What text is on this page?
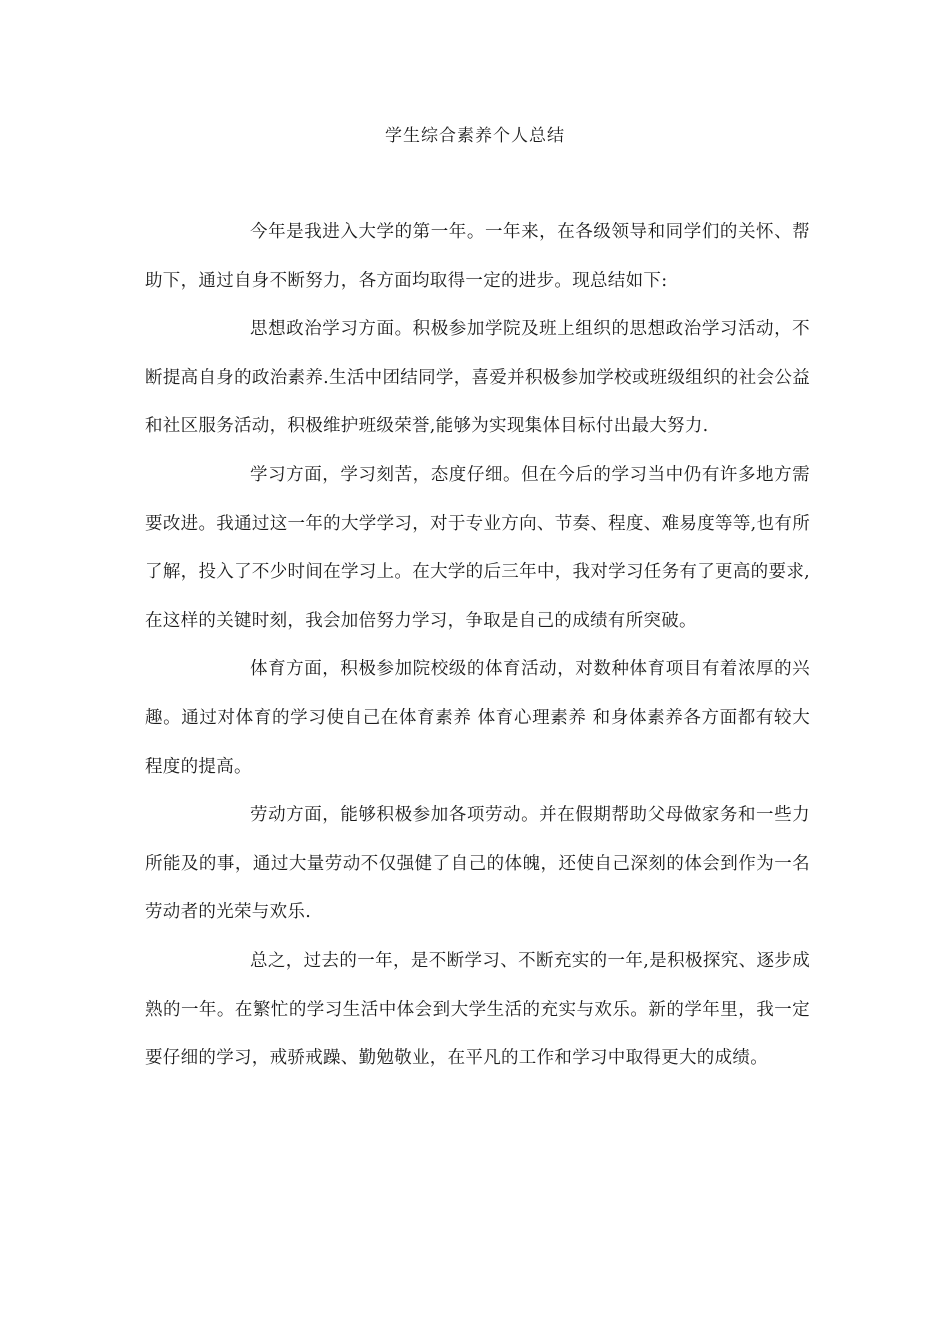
学生综合素养个人总结

今年是我进入大学的第一年。一年来，在各级领导和同学们的关怀、帮助下，通过自身不断努力，各方面均取得一定的进步。现总结如下:

思想政治学习方面。积极参加学院及班上组织的思想政治学习活动，不断提高自身的政治素养.生活中团结同学，喜爱并积极参加学校或班级组织的社会公益和社区服务活动，积极维护班级荣誉,能够为实现集体目标付出最大努力.

学习方面，学习刻苦，态度仔细。但在今后的学习当中仍有许多地方需要改进。我通过这一年的大学学习，对于专业方向、节奏、程度、难易度等等,也有所了解，投入了不少时间在学习上。在大学的后三年中，我对学习任务有了更高的要求,在这样的关键时刻，我会加倍努力学习，争取是自己的成绩有所突破。

体育方面，积极参加院校级的体育活动，对数种体育项目有着浓厚的兴趣。通过对体育的学习使自己在体育素养 体育心理素养 和身体素养各方面都有较大程度的提高。

劳动方面，能够积极参加各项劳动。并在假期帮助父母做家务和一些力所能及的事，通过大量劳动不仅强健了自己的体魄，还使自己深刻的体会到作为一名劳动者的光荣与欢乐.

总之，过去的一年，是不断学习、不断充实的一年,是积极探究、逐步成熟的一年。在繁忙的学习生活中体会到大学生活的充实与欢乐。新的学年里，我一定要仔细的学习，戒骄戒躁、勤勉敬业，在平凡的工作和学习中取得更大的成绩。
